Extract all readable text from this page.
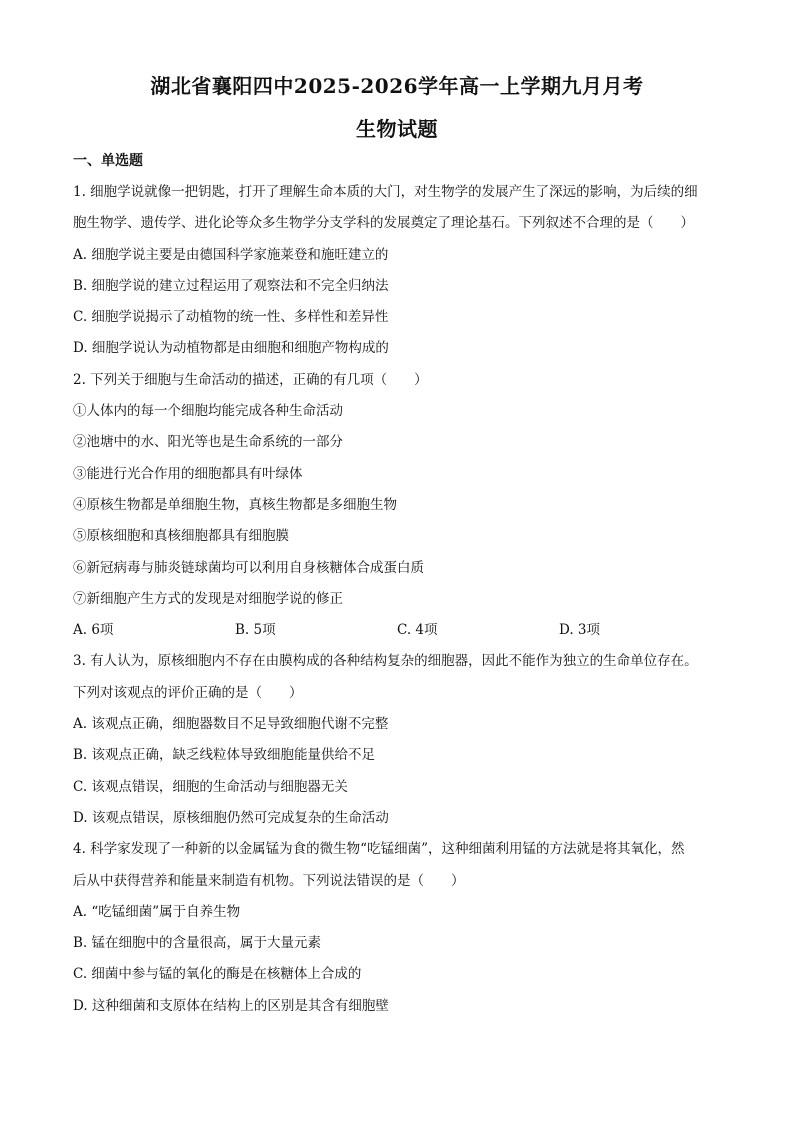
湖北省襄阳四中2025-2026学年高一上学期九月月考
生物试题
一、单选题
1. 细胞学说就像一把钥匙，打开了理解生命本质的大门，对生物学的发展产生了深远的影响，为后续的细
胞生物学、遗传学、进化论等众多生物学分支学科的发展奠定了理论基石。下列叙述不合理的是（　　）
A. 细胞学说主要是由德国科学家施莱登和施旺建立的
B. 细胞学说的建立过程运用了观察法和不完全归纳法
C. 细胞学说揭示了动植物的统一性、多样性和差异性
D. 细胞学说认为动植物都是由细胞和细胞产物构成的
2. 下列关于细胞与生命活动的描述，正确的有几项（　　）
①人体内的每一个细胞均能完成各种生命活动
②池塘中的水、阳光等也是生命系统的一部分
③能进行光合作用的细胞都具有叶绿体
④原核生物都是单细胞生物，真核生物都是多细胞生物
⑤原核细胞和真核细胞都具有细胞膜
⑥新冠病毒与肺炎链球菌均可以利用自身核糖体合成蛋白质
⑦新细胞产生方式的发现是对细胞学说的修正
A. 6项	B. 5项	C. 4项	D. 3项
3. 有人认为，原核细胞内不存在由膜构成的各种结构复杂的细胞器，因此不能作为独立的生命单位存在。
下列对该观点的评价正确的是（　　）
A. 该观点正确，细胞器数目不足导致细胞代谢不完整
B. 该观点正确，缺乏线粒体导致细胞能量供给不足
C. 该观点错误，细胞的生命活动与细胞器无关
D. 该观点错误，原核细胞仍然可完成复杂的生命活动
4. 科学家发现了一种新的以金属锰为食的微生物“吃锰细菌”，这种细菌利用锰的方法就是将其氧化，然
后从中获得营养和能量来制造有机物。下列说法错误的是（　　）
A. “吃锰细菌”属于自养生物
B. 锰在细胞中的含量很高，属于大量元素
C. 细菌中参与锰的氧化的酶是在核糖体上合成的
D. 这种细菌和支原体在结构上的区别是其含有细胞壁
